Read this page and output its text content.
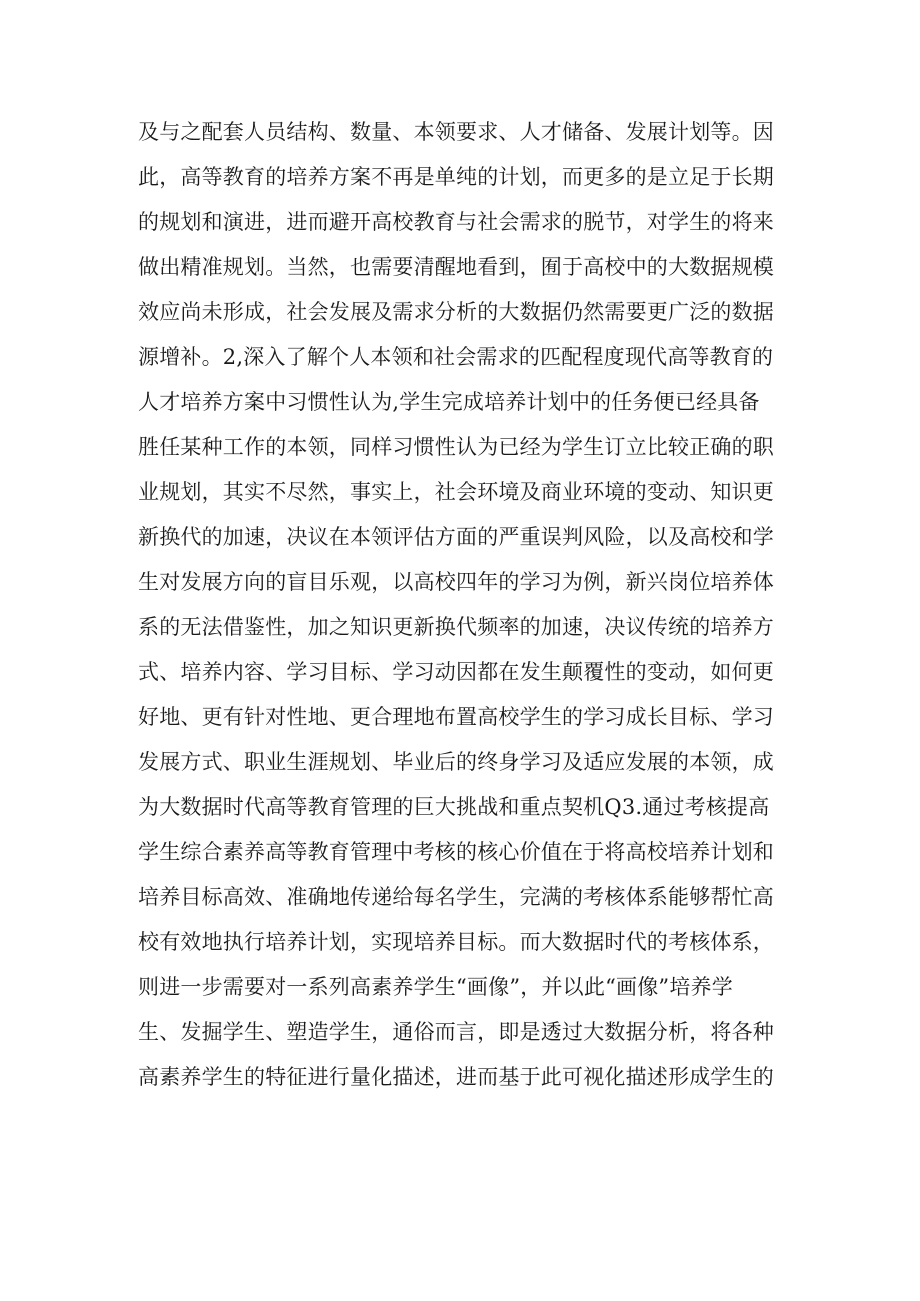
及与之配套人员结构、数量、本领要求、人才储备、发展计划等。因
此，高等教育的培养方案不再是单纯的计划，而更多的是立足于长期
的规划和演进，进而避开高校教育与社会需求的脱节，对学生的将来
做出精准规划。当然，也需要清醒地看到，囿于高校中的大数据规模
效应尚未形成，社会发展及需求分析的大数据仍然需要更广泛的数据
源增补。2,深入了解个人本领和社会需求的匹配程度现代高等教育的
人才培养方案中习惯性认为,学生完成培养计划中的任务便已经具备
胜任某种工作的本领，同样习惯性认为已经为学生订立比较正确的职
业规划，其实不尽然，事实上，社会环境及商业环境的变动、知识更
新换代的加速，决议在本领评估方面的严重误判风险，以及高校和学
生对发展方向的盲目乐观，以高校四年的学习为例，新兴岗位培养体
系的无法借鉴性，加之知识更新换代频率的加速，决议传统的培养方
式、培养内容、学习目标、学习动因都在发生颠覆性的变动，如何更
好地、更有针对性地、更合理地布置高校学生的学习成长目标、学习
发展方式、职业生涯规划、毕业后的终身学习及适应发展的本领，成
为大数据时代高等教育管理的巨大挑战和重点契机Q3.通过考核提高
学生综合素养高等教育管理中考核的核心价值在于将高校培养计划和
培养目标高效、准确地传递给每名学生，完满的考核体系能够帮忙高
校有效地执行培养计划，实现培养目标。而大数据时代的考核体系，
则进一步需要对一系列高素养学生“画像”，并以此“画像”培养学
生、发掘学生、塑造学生，通俗而言，即是透过大数据分析，将各种
高素养学生的特征进行量化描述，进而基于此可视化描述形成学生的
